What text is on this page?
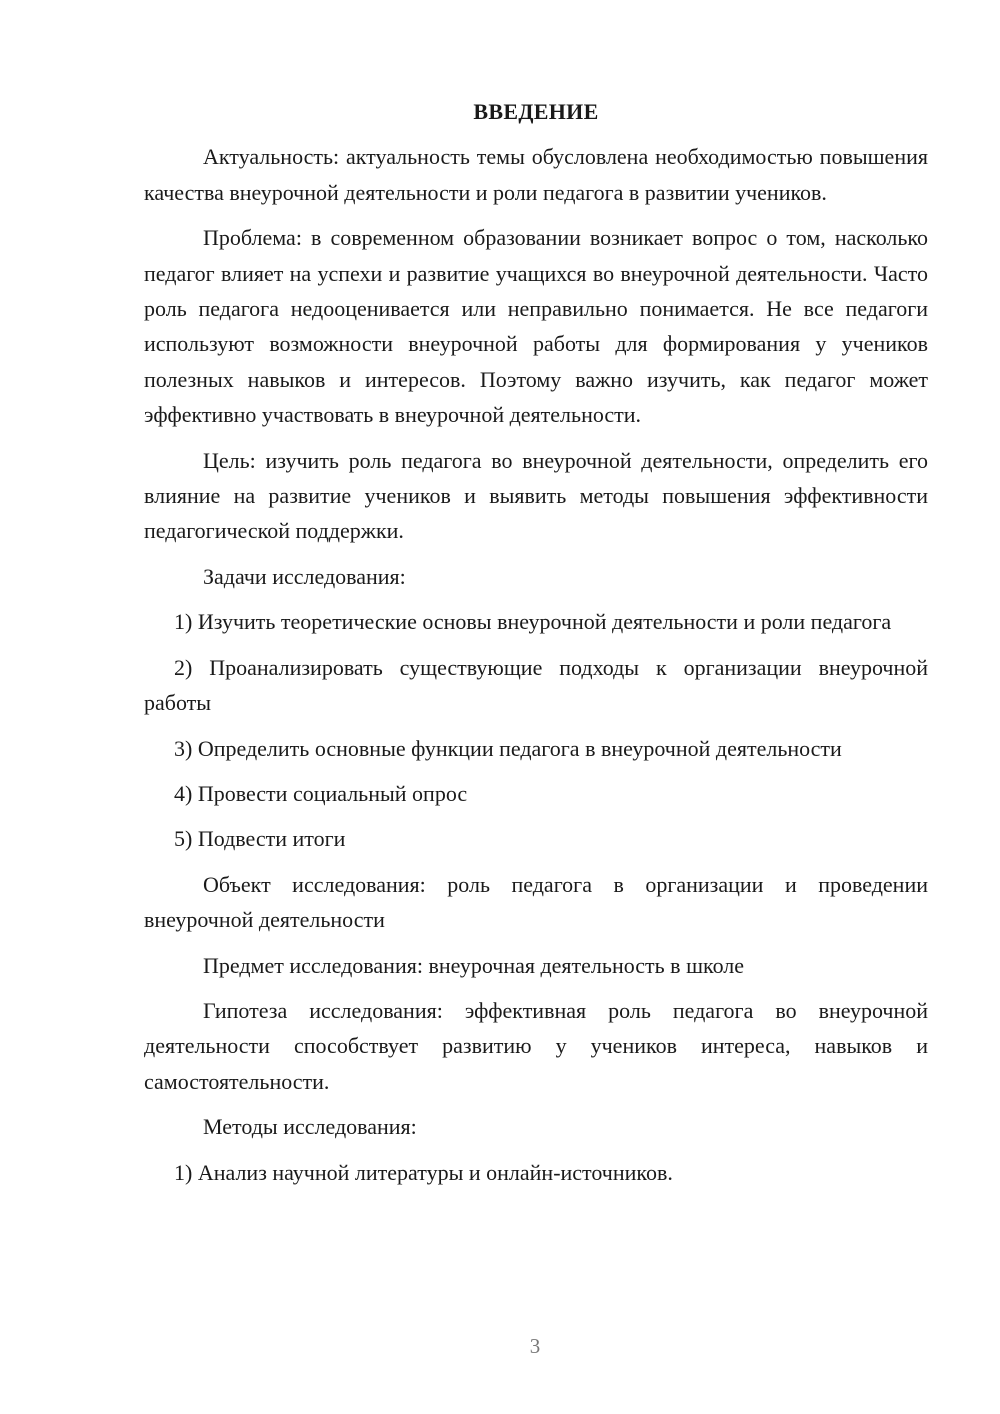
ВВЕДЕНИЕ
Актуальность: актуальность темы обусловлена необходимостью повышения качества внеурочной деятельности и роли педагога в развитии учеников.
Проблема: в современном образовании возникает вопрос о том, насколько педагог влияет на успехи и развитие учащихся во внеурочной деятельности. Часто роль педагога недооценивается или неправильно понимается. Не все педагоги используют возможности внеурочной работы для формирования у учеников полезных навыков и интересов. Поэтому важно изучить, как педагог может эффективно участвовать в внеурочной деятельности.
Цель: изучить роль педагога во внеурочной деятельности, определить его влияние на развитие учеников и выявить методы повышения эффективности педагогической поддержки.
Задачи исследования:
1) Изучить теоретические основы внеурочной деятельности и роли педагога
2) Проанализировать существующие подходы к организации внеурочной работы
3) Определить основные функции педагога в внеурочной деятельности
4) Провести социальный опрос
5) Подвести итоги
Объект исследования: роль педагога в организации и проведении внеурочной деятельности
Предмет исследования: внеурочная деятельность в школе
Гипотеза исследования: эффективная роль педагога во внеурочной деятельности способствует развитию у учеников интереса, навыков и самостоятельности.
Методы исследования:
1) Анализ научной литературы и онлайн-источников.
3
